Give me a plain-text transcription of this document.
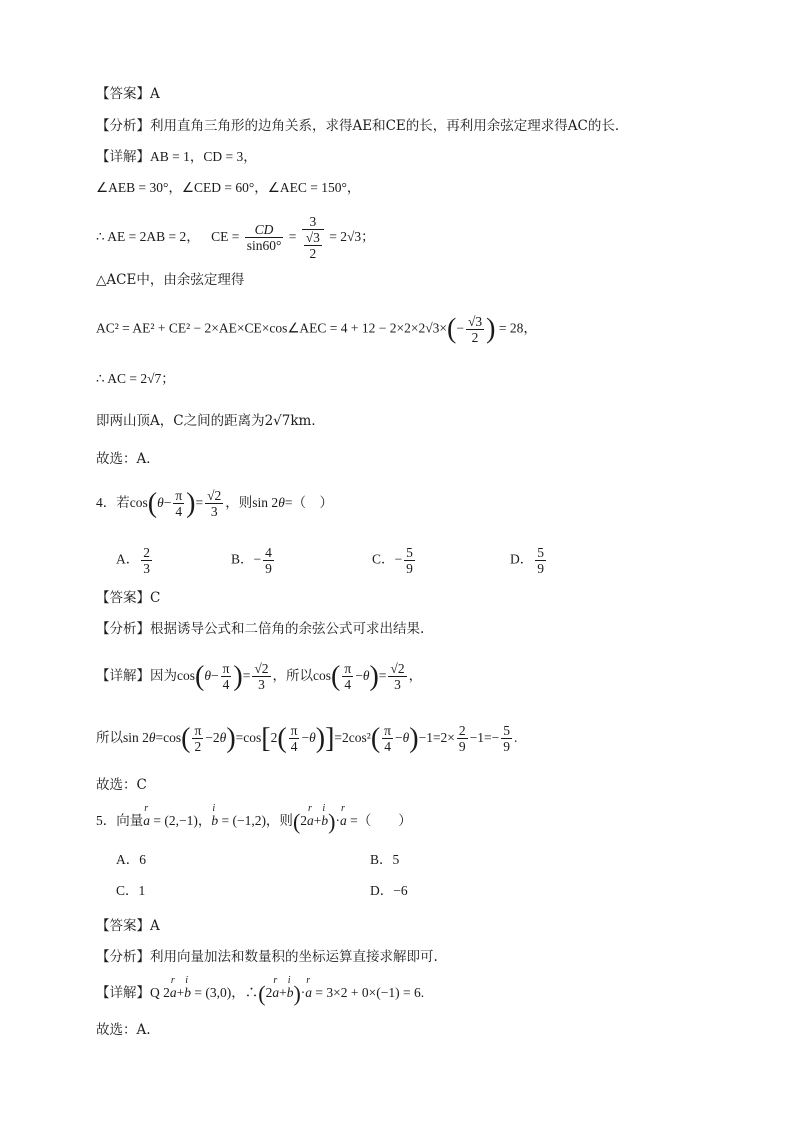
【答案】A
【分析】利用直角三角形的边角关系，求得AE和CE的长，再利用余弦定理求得AC的长．
【详解】AB = 1，CD = 3，
∠AEB = 30°，∠CED = 60°，∠AEC = 150°，
∴ AE = 2AB = 2， CE = $\frac{CD}{\sin 60^\circ} = \frac{3}{\frac{√3}{2}} = 2√3$；
△ACE中，由余弦定理得
AC² = AE² + CE² − 2×AE×CE×cos∠AEC = $4 + 12 - 2\times 2\times 2√3\times(- \frac{√3}{2}$ ) = 28，
∴ AC = 2√7；
即两山顶A，C之间的距离为2√7km．
故选：A．
4．若$\cos(\theta- \frac{\pi}{4}$ )= $\frac{√2}{3}$ ，则sin 2θ=（　）
A． $\frac{2}{3}$	B．− $\frac{4}{9}$	C．− $\frac{5}{9}$	D． $\frac{5}{9}$
【答案】C
【分析】根据诱导公式和二倍角的余弦公式可求出结果.
【详解】因为$\cos(\theta- \frac{\pi}{4}$ )= $\frac{√2}{3}$ ，所以$\cos( \frac{\pi}{4} -\theta)= \frac{√2}{3}$ ，
所以$\sin 2\theta=\cos( \frac{\pi}{2} -2\theta)=\cos[2( \frac{\pi}{4} -\theta)]=2\cos^2( \frac{\pi}{4} -\theta)-1=2\times \frac{2}{9} -1=- \frac{5}{9}$ .
故选：C
5．向量r a = (2,−1)，i b = (−1,2)，则(2r a+i b)·r a =（　　）
A．6	B．5
C．1	D．−6
【答案】A
【分析】利用向量加法和数量积的坐标运算直接求解即可.
【详解】Q 2r a+i b = (3,0)，∴(2r a+i b)·r a = 3×2 + 0×(−1) = 6.
故选：A.
